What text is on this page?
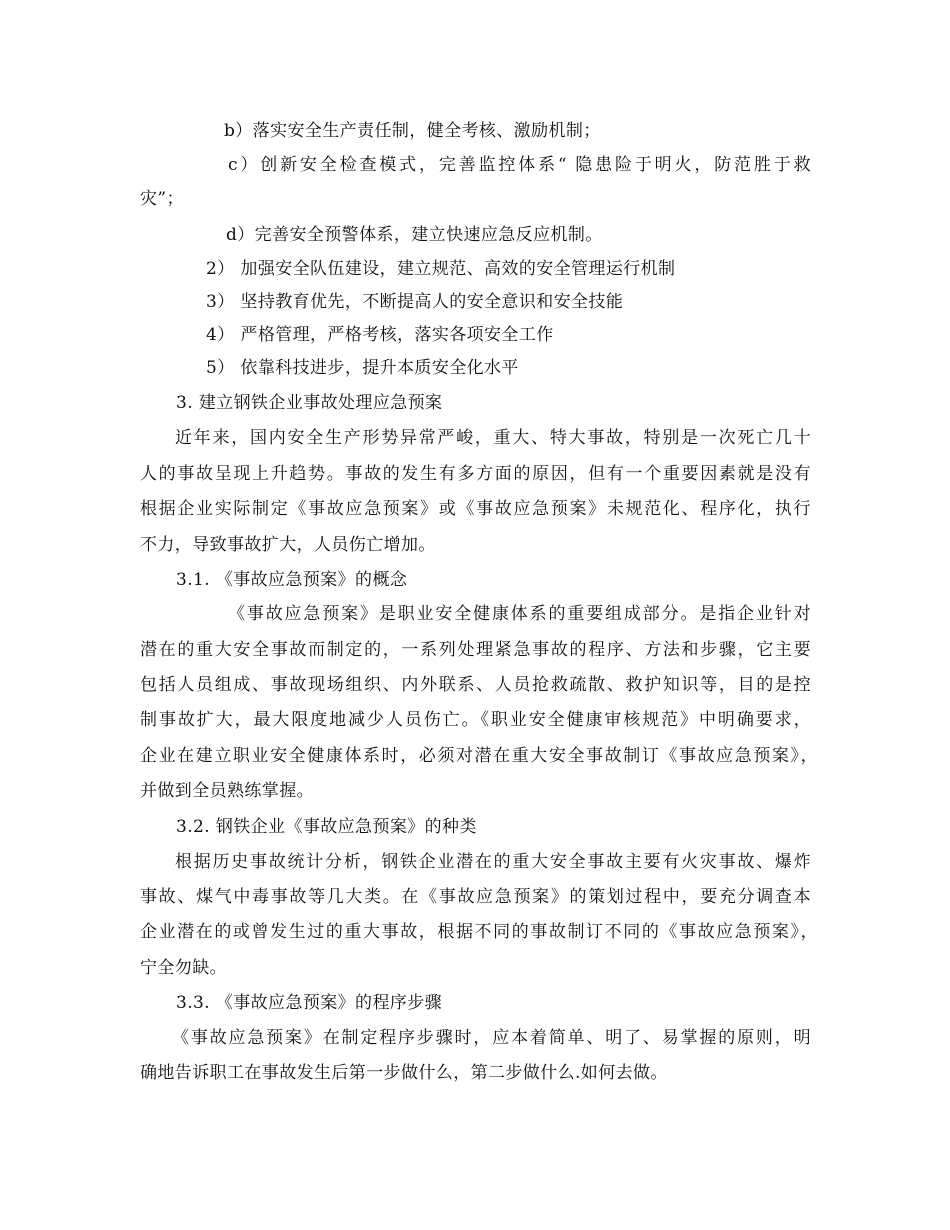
b）落实安全生产责任制，健全考核、激励机制；
c）创新安全检查模式，完善监控体系“ 隐患险于明火，防范胜于救
灾”；
d）完善安全预警体系，建立快速应急反应机制。
2） 加强安全队伍建设，建立规范、高效的安全管理运行机制
3） 坚持教育优先，不断提高人的安全意识和安全技能
4） 严格管理，严格考核，落实各项安全工作
5） 依靠科技进步，提升本质安全化水平
3. 建立钢铁企业事故处理应急预案
近年来，国内安全生产形势异常严峻，重大、特大事故，特别是一次死亡几十
人的事故呈现上升趋势。事故的发生有多方面的原因，但有一个重要因素就是没有
根据企业实际制定《事故应急预案》或《事故应急预案》未规范化、程序化，执行
不力，导致事故扩大，人员伤亡增加。
3.1. 《事故应急预案》的概念
《事故应急预案》是职业安全健康体系的重要组成部分。是指企业针对
潜在的重大安全事故而制定的，一系列处理紧急事故的程序、方法和步骤，它主要
包括人员组成、事故现场组织、内外联系、人员抢救疏散、救护知识等，目的是控
制事故扩大，最大限度地减少人员伤亡。《职业安全健康审核规范》中明确要求，
企业在建立职业安全健康体系时，必须对潜在重大安全事故制订《事故应急预案》，
并做到全员熟练掌握。
3.2. 钢铁企业《事故应急预案》的种类
根据历史事故统计分析，钢铁企业潜在的重大安全事故主要有火灾事故、爆炸
事故、煤气中毒事故等几大类。在《事故应急预案》的策划过程中，要充分调查本
企业潜在的或曾发生过的重大事故，根据不同的事故制订不同的《事故应急预案》，
宁全勿缺。
3.3. 《事故应急预案》的程序步骤
《事故应急预案》在制定程序步骤时，应本着简单、明了、易掌握的原则，明
确地告诉职工在事故发生后第一步做什么，第二步做什么.如何去做。
